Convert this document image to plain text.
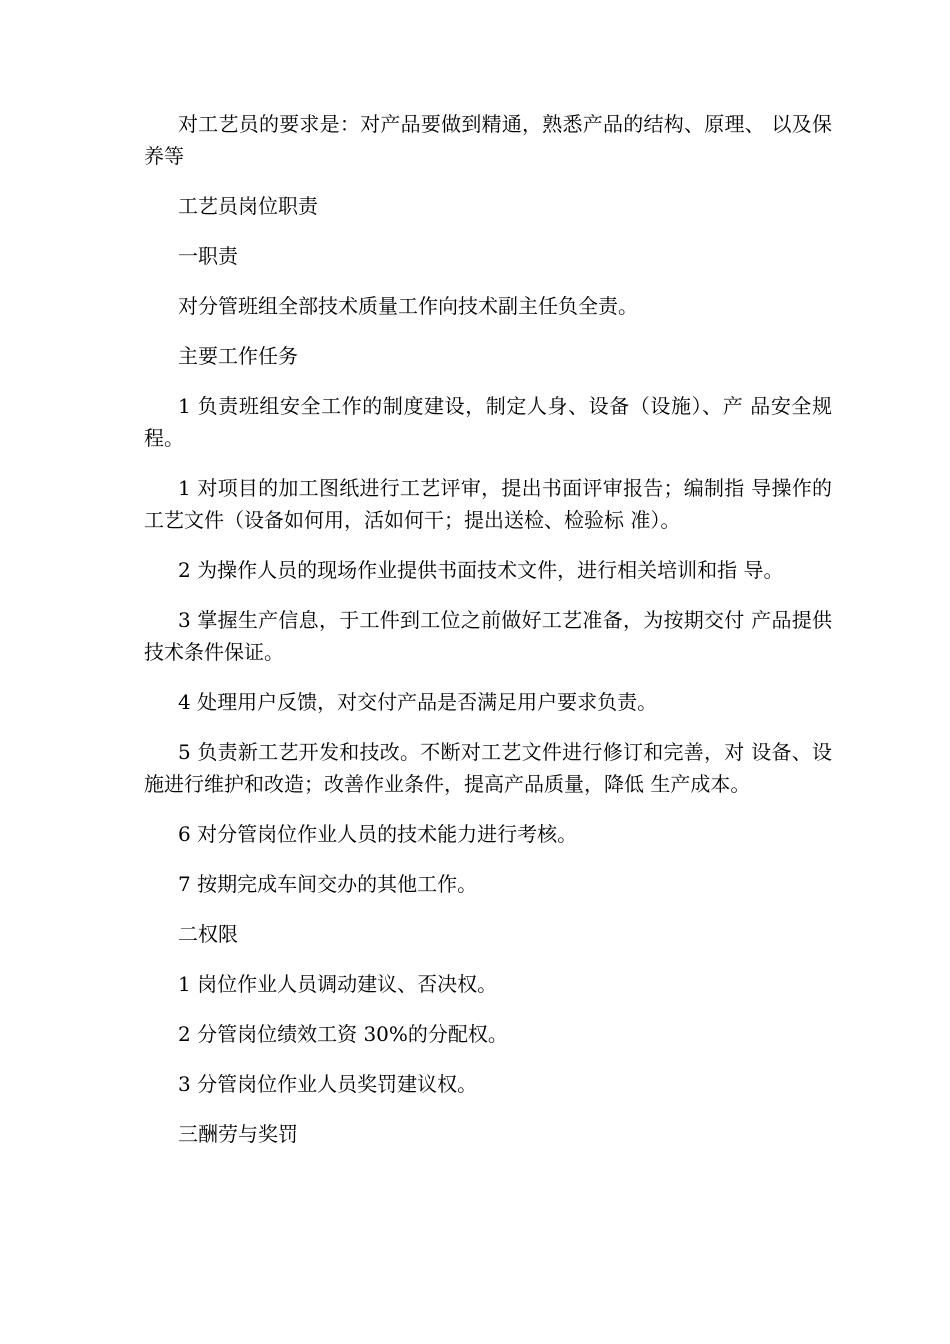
对工艺员的要求是：对产品要做到精通，熟悉产品的结构、原理、 以及保养等

工艺员岗位职责

一职责

对分管班组全部技术质量工作向技术副主任负全责。

主要工作任务

1 负责班组安全工作的制度建设，制定人身、设备（设施）、产 品安全规程。

1 对项目的加工图纸进行工艺评审，提出书面评审报告；编制指 导操作的工艺文件（设备如何用，活如何干；提出送检、检验标 准）。

2 为操作人员的现场作业提供书面技术文件，进行相关培训和指 导。

3 掌握生产信息，于工件到工位之前做好工艺准备，为按期交付 产品提供技术条件保证。

4 处理用户反馈，对交付产品是否满足用户要求负责。

5 负责新工艺开发和技改。不断对工艺文件进行修订和完善，对 设备、设施进行维护和改造；改善作业条件，提高产品质量，降低 生产成本。

6 对分管岗位作业人员的技术能力进行考核。

7 按期完成车间交办的其他工作。

二权限

1 岗位作业人员调动建议、否决权。

2 分管岗位绩效工资 30%的分配权。

3 分管岗位作业人员奖罚建议权。

三酬劳与奖罚
